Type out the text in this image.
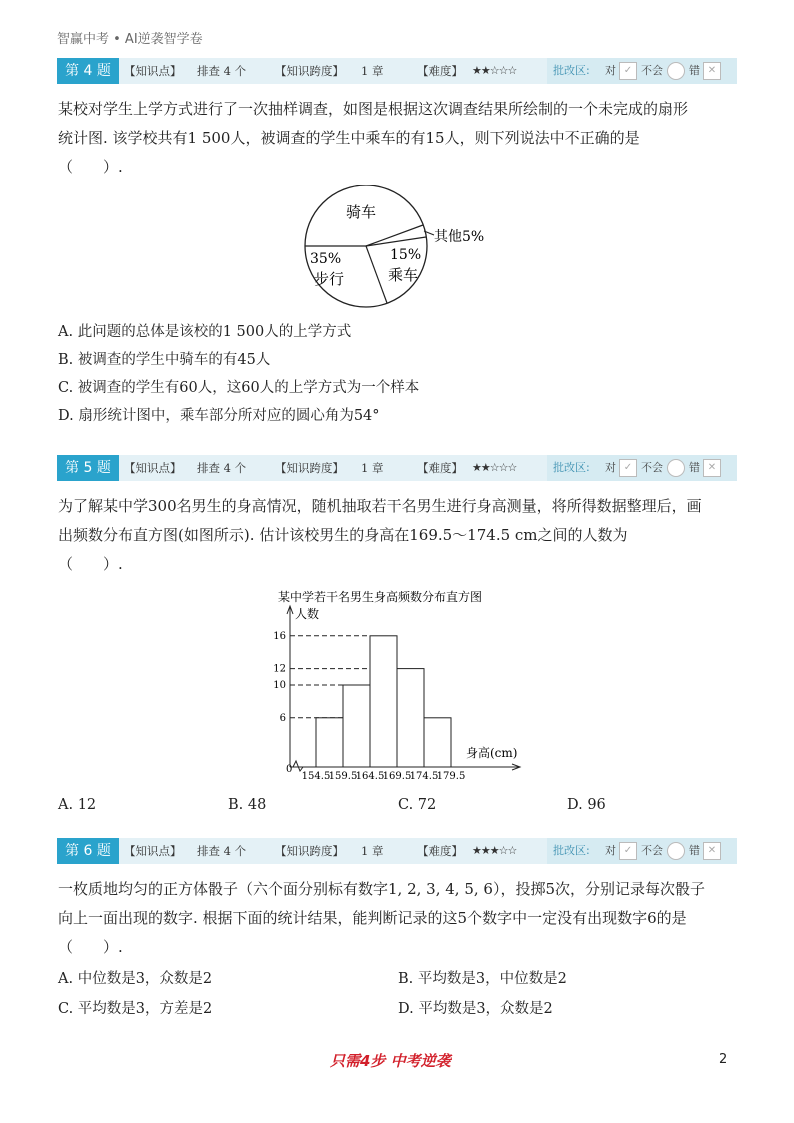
智赢中考 • AI逆袭智学卷
第 4 题	【知识点】 排查 4 个	【知识跨度】 1 章	【难度】 ★★☆☆☆	批改区: 对 ✓ 不会 错 ✕
某校对学生上学方式进行了一次抽样调查，如图是根据这次调查结果所绘制的一个未完成的扇形
统计图. 该学校共有1 500人，被调查的学生中乘车的有15人，则下列说法中不正确的是
（　　）.
骑车
35%
步行
15%
乘车
其他5%
A. 此问题的总体是该校的1 500人的上学方式
B. 被调查的学生中骑车的有45人
C. 被调查的学生有60人，这60人的上学方式为一个样本
D. 扇形统计图中，乘车部分所对应的圆心角为54°
第 5 题	【知识点】 排查 4 个	【知识跨度】 1 章	【难度】 ★★☆☆☆	批改区: 对 ✓ 不会 错 ✕
为了解某中学300名男生的身高情况，随机抽取若干名男生进行身高测量，将所得数据整理后，画
出频数分布直方图(如图所示). 估计该校男生的身高在169.5～174.5 cm之间的人数为
（　　）.
某中学若干名男生身高频数分布直方图
人数
身高(cm)
0
6
10
12
16
154.5
159.5
164.5
169.5
174.5
179.5
A. 12	B. 48	C. 72	D. 96
第 6 题	【知识点】 排查 4 个	【知识跨度】 1 章	【难度】 ★★★☆☆	批改区: 对 ✓ 不会 错 ✕
一枚质地均匀的正方体骰子（六个面分别标有数字1, 2, 3, 4, 5, 6），投掷5次，分别记录每次骰子
向上一面出现的数字. 根据下面的统计结果，能判断记录的这5个数字中一定没有出现数字6的是
（　　）.
A. 中位数是3，众数是2	B. 平均数是3，中位数是2
C. 平均数是3，方差是2	D. 平均数是3，众数是2
只需4步 中考逆袭	2
